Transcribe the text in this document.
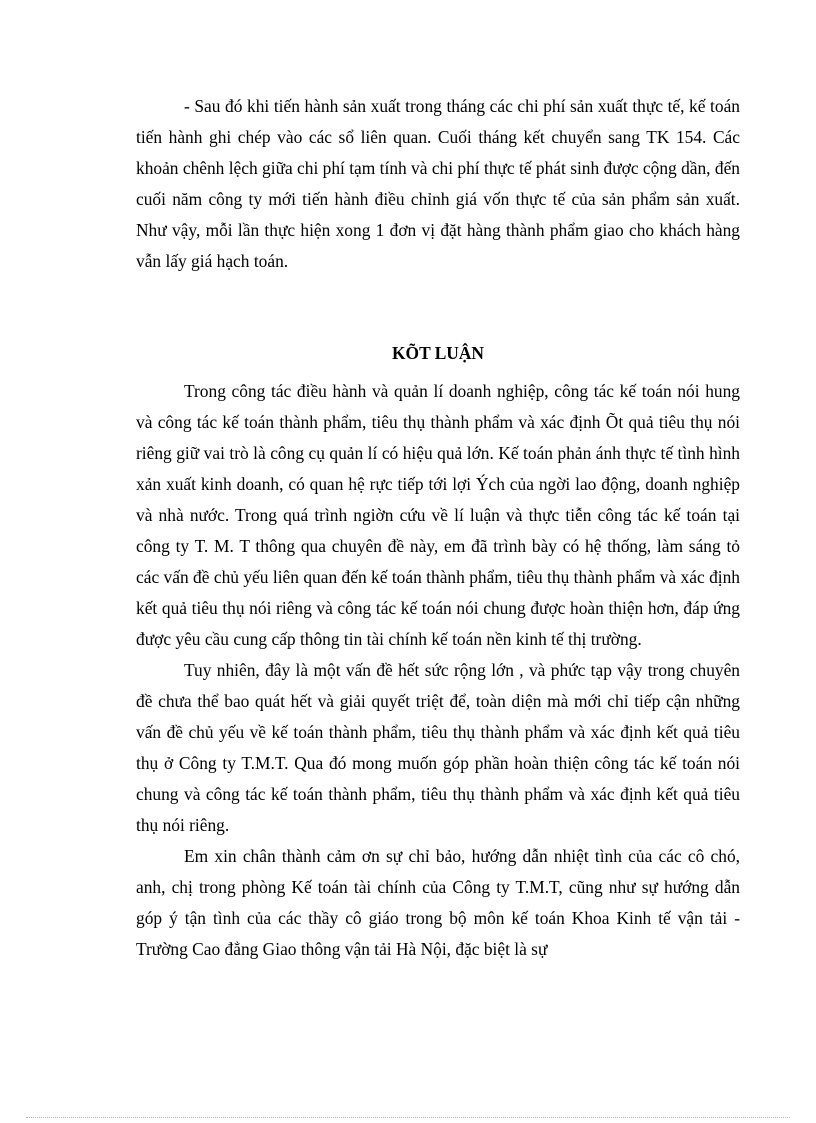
- Sau đó khi tiến hành sản xuất trong tháng các chi phí sản xuất thực tế, kế toán tiến hành ghi chép vào các sổ liên quan. Cuối tháng kết chuyển sang TK 154. Các khoản chênh lệch giữa chi phí tạm tính và chi phí thực tế phát sinh được cộng dần, đến cuối năm công ty mới tiến hành điều chỉnh giá vốn thực tế của sản phẩm sản xuất. Như vậy, mỗi lần thực hiện xong 1 đơn vị đặt hàng thành phẩm giao cho khách hàng vẫn lấy giá hạch toán.

KÕT LUẬN

Trong công tác điều hành và quản lí doanh nghiệp, công tác kế toán nói hung và công tác kế toán thành phẩm, tiêu thụ thành phẩm và xác định Õt quả tiêu thụ nói riêng giữ vai trò là công cụ quản lí có hiệu quả lớn. Kế toán phản ánh thực tế tình hình xản xuất kinh doanh, có quan hệ rực tiếp tới lợi Ých của ngời lao động, doanh nghiệp và nhà nước. Trong quá trình ngiờn cứu về lí luận và thực tiễn công tác kế toán tại công ty T. M. T thông qua chuyên đề này, em đã trình bày có hệ thống, làm sáng tỏ các vấn đề chủ yếu liên quan đến kế toán thành phẩm, tiêu thụ thành phẩm và xác định kết quả tiêu thụ nói riêng và công tác kế toán nói chung được hoàn thiện hơn, đáp ứng được yêu cầu cung cấp thông tin tài chính kế toán nền kinh tế thị trường.

Tuy nhiên, đây là một vấn đề hết sức rộng lớn , và phức tạp vậy trong chuyên đề chưa thể bao quát hết và giải quyết triệt để, toàn diện mà mới chỉ tiếp cận những vấn đề chủ yếu về kế toán thành phẩm, tiêu thụ thành phẩm và xác định kết quả tiêu thụ ở Công ty T.M.T. Qua đó mong muốn góp phần hoàn thiện công tác kế toán nói chung và công tác kế toán thành phẩm, tiêu thụ thành phẩm và xác định kết quả tiêu thụ nói riêng.

Em xin chân thành cảm ơn sự chỉ bảo, hướng dẫn nhiệt tình của các cô chó, anh, chị trong phòng Kế toán tài chính của Công ty T.M.T, cũng như sự hướng dẫn góp ý tận tình của các thầy cô giáo trong bộ môn kế toán Khoa Kinh tế vận tải - Trường Cao đẳng Giao thông vận tải Hà Nội, đặc biệt là sự
